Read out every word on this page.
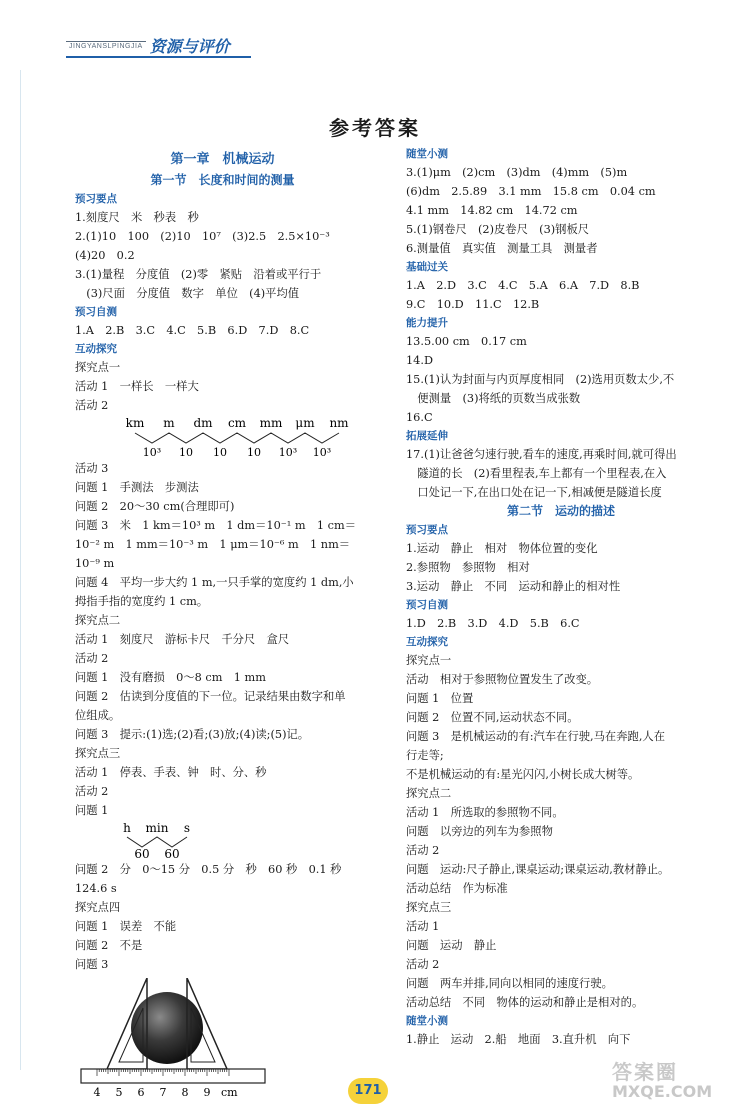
JINGYANSLPINGJIA 资源与评价
参考答案
第一章　机械运动
第一节　长度和时间的测量
预习要点
1.刻度尺　米　秒表　秒
2.(1)10　100　(2)10　10⁷　(3)2.5　2.5×10⁻³
(4)20　0.2
3.(1)量程　分度值　(2)零　紧贴　沿着或平行于
　(3)尺面　分度值　数字　单位　(4)平均值
预习自测
1.A　2.B　3.C　4.C　5.B　6.D　7.D　8.C
互动探究
探究点一
活动 1　一样长　一样大
活动 2
km m dm cm mm μm nm
10³ 10 10 10 10³ 10³
活动 3
问题 1　手测法　步测法
问题 2　20～30 cm(合理即可)
问题 3　米　1 km＝10³ m　1 dm＝10⁻¹ m　1 cm＝
10⁻² m　1 mm＝10⁻³ m　1 μm＝10⁻⁶ m　1 nm＝
10⁻⁹ m
问题 4　平均一步大约 1 m,一只手掌的宽度约 1 dm,小
拇指手指的宽度约 1 cm。
探究点二
活动 1　刻度尺　游标卡尺　千分尺　盒尺
活动 2
问题 1　没有磨损　0～8 cm　1 mm
问题 2　估读到分度值的下一位。记录结果由数字和单
位组成。
问题 3　提示:(1)选;(2)看;(3)放;(4)读;(5)记。
探究点三
活动 1　停表、手表、钟　时、分、秒
活动 2
问题 1
h min s
60 60
问题 2　分　0～15 分　0.5 分　秒　60 秒　0.1 秒
124.6 s
探究点四
问题 1　误差　不能
问题 2　不是
问题 3
4 5 6 7 8 9 cm
随堂小测
3.(1)μm　(2)cm　(3)dm　(4)mm　(5)m
(6)dm　2.5.89　3.1 mm　15.8 cm　0.04 cm
4.1 mm　14.82 cm　14.72 cm
5.(1)钢卷尺　(2)皮卷尺　(3)钢板尺
6.测量值　真实值　测量工具　测量者
基础过关
1.A　2.D　3.C　4.C　5.A　6.A　7.D　8.B
9.C　10.D　11.C　12.B
能力提升
13.5.00 cm　0.17 cm
14.D
15.(1)认为封面与内页厚度相同　(2)选用页数太少,不
　便测量　(3)将纸的页数当成张数
16.C
拓展延伸
17.(1)让爸爸匀速行驶,看车的速度,再乘时间,就可得出
　隧道的长　(2)看里程表,车上都有一个里程表,在入
　口处记一下,在出口处在记一下,相减便是隧道长度
第二节　运动的描述
预习要点
1.运动　静止　相对　物体位置的变化
2.参照物　参照物　相对
3.运动　静止　不同　运动和静止的相对性
预习自测
1.D　2.B　3.D　4.D　5.B　6.C
互动探究
探究点一
活动　相对于参照物位置发生了改变。
问题 1　位置
问题 2　位置不同,运动状态不同。
问题 3　是机械运动的有:汽车在行驶,马在奔跑,人在
行走等;
不是机械运动的有:星光闪闪,小树长成大树等。
探究点二
活动 1　所选取的参照物不同。
问题　以旁边的列车为参照物
活动 2
问题　运动:尺子静止,课桌运动;课桌运动,教材静止。
活动总结　作为标准
探究点三
活动 1
问题　运动　静止
活动 2
问题　两车并排,同向以相同的速度行驶。
活动总结　不同　物体的运动和静止是相对的。
随堂小测
1.静止　运动　2.船　地面　3.直升机　向下
171
答案圈
MXQE.COM
